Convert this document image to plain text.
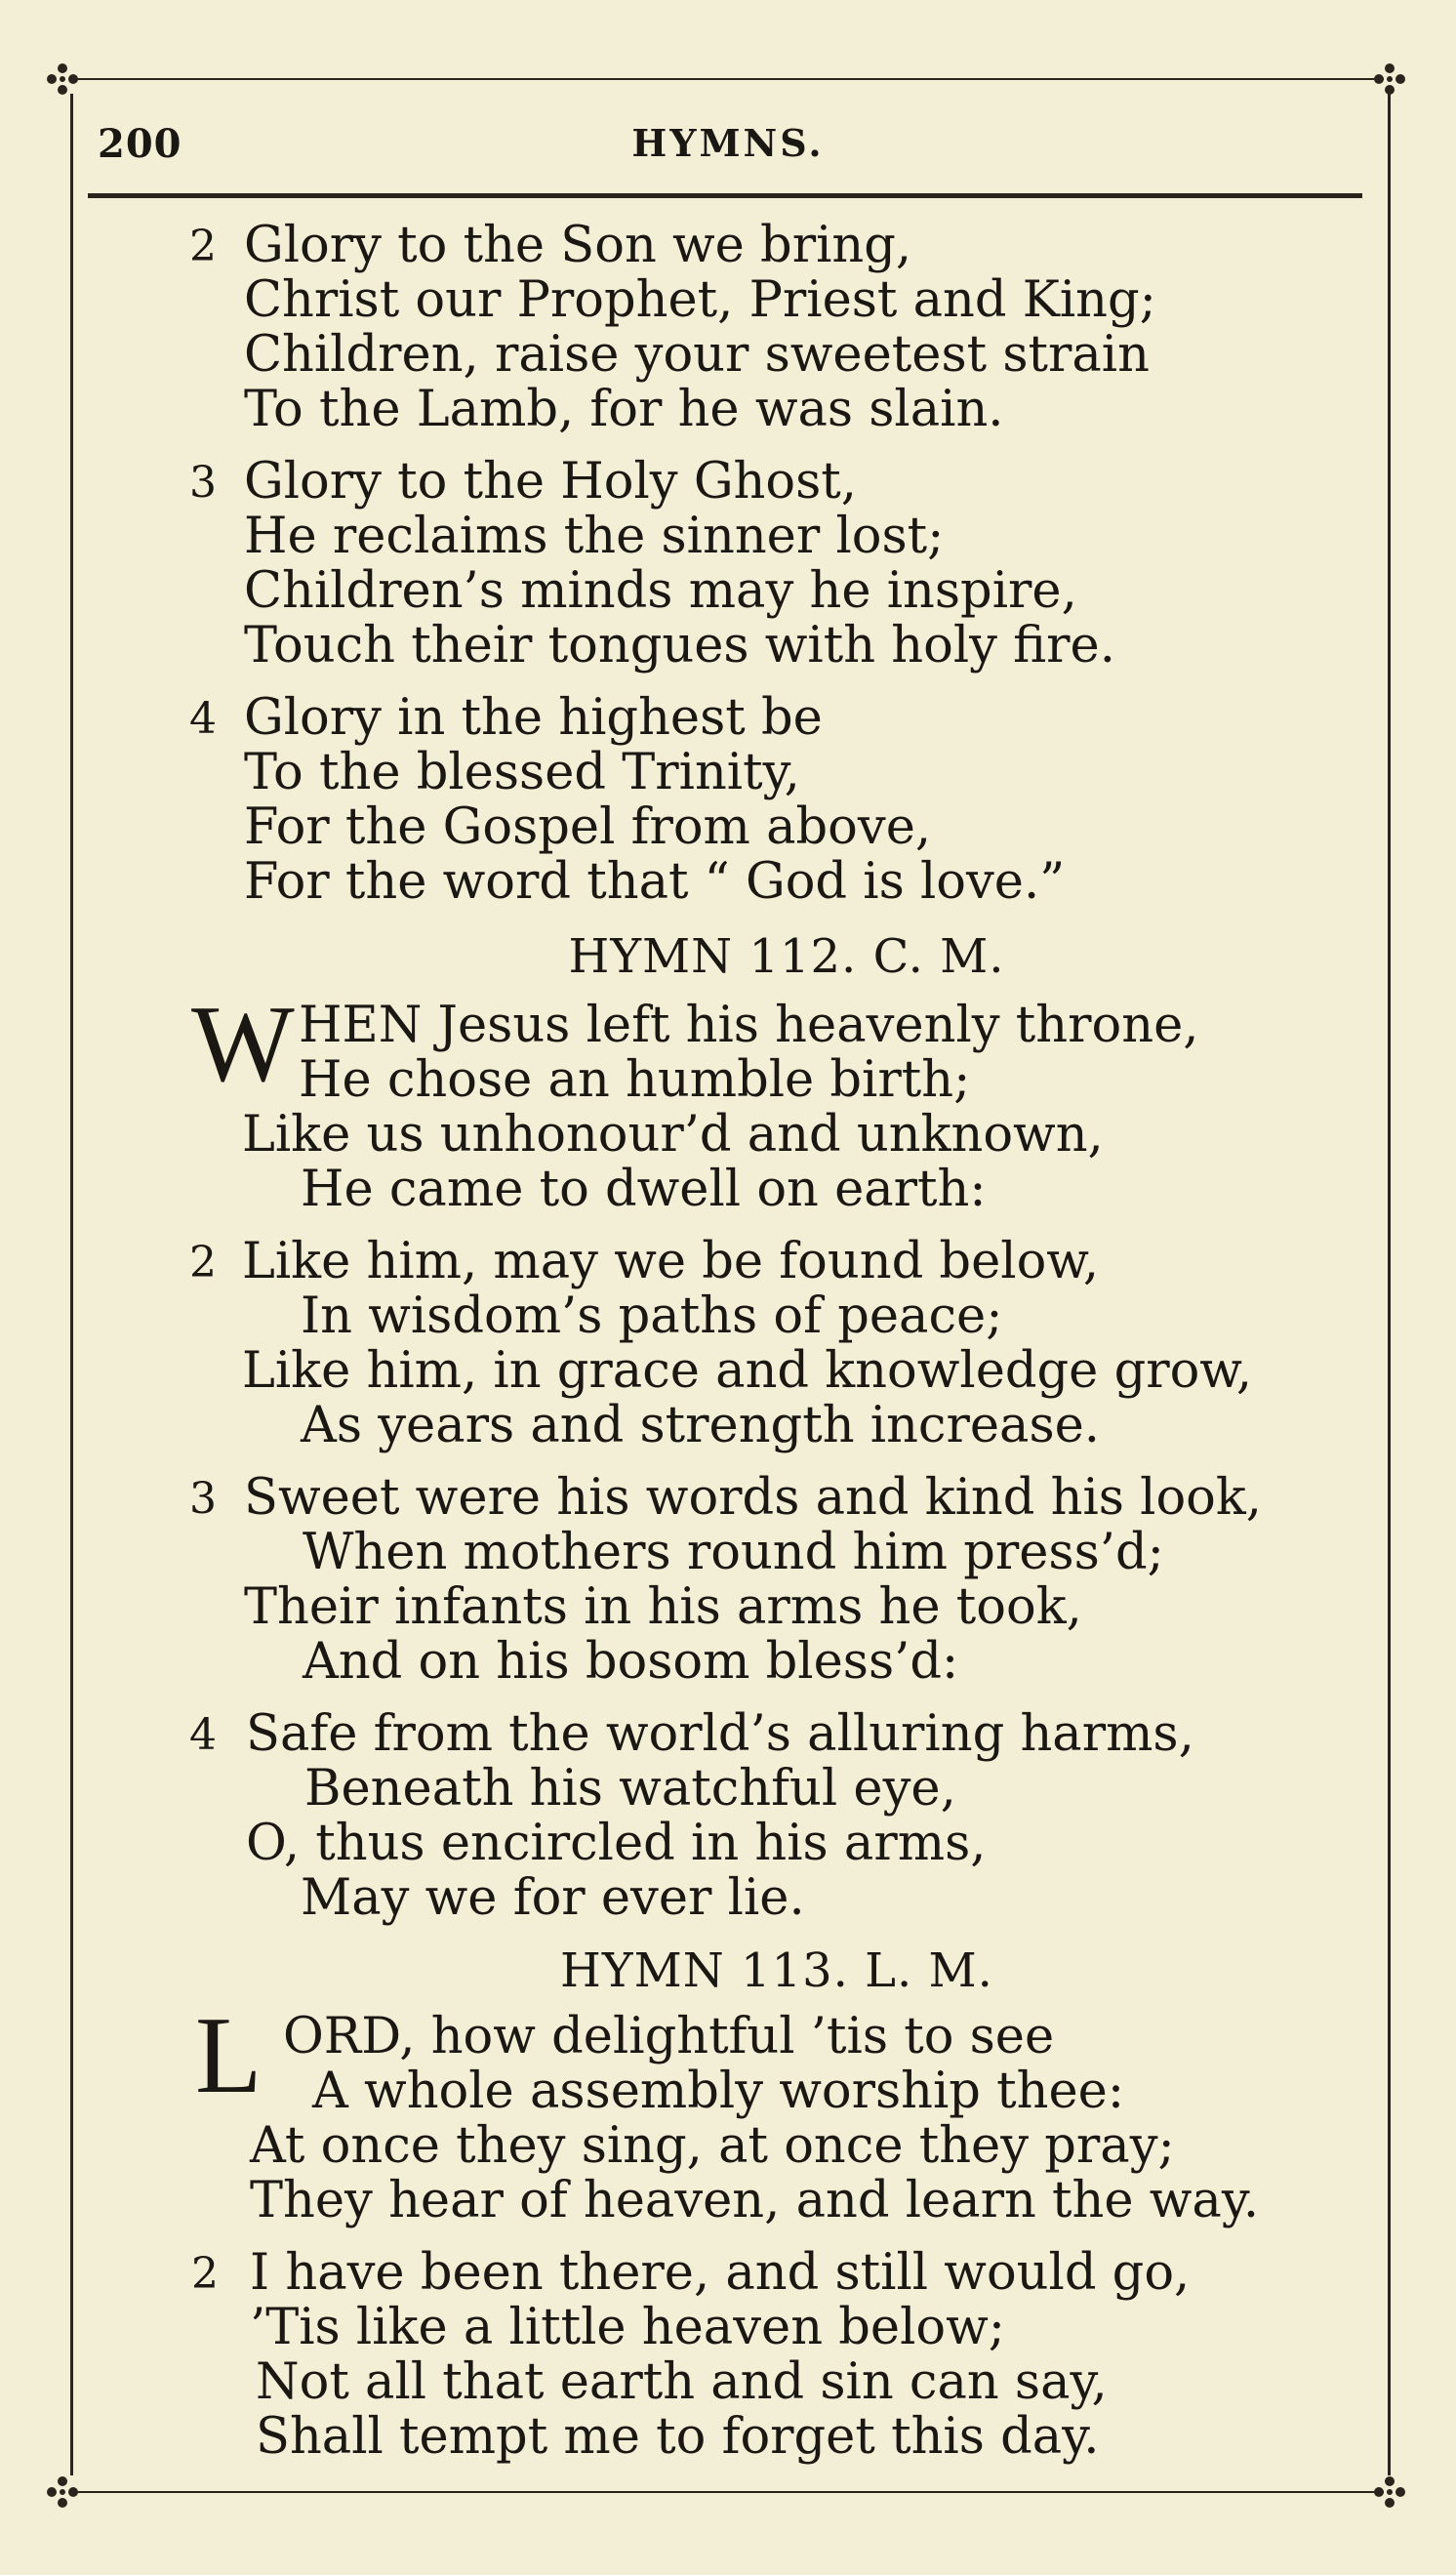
200	HYMNS.
2 Glory to the Son we bring,
Christ our Prophet, Priest and King;
Children, raise your sweetest strain
To the Lamb, for he was slain.
3 Glory to the Holy Ghost,
He reclaims the sinner lost;
Children’s minds may he inspire,
Touch their tongues with holy fire.
4 Glory in the highest be
To the blessed Trinity,
For the Gospel from above,
For the word that “ God is love.”
HYMN 112. C. M.
W HEN Jesus left his heavenly throne,
He chose an humble birth;
Like us unhonour’d and unknown,
He came to dwell on earth:
2 Like him, may we be found below,
In wisdom’s paths of peace;
Like him, in grace and knowledge grow,
As years and strength increase.
3 Sweet were his words and kind his look,
When mothers round him press’d;
Their infants in his arms he took,
And on his bosom bless’d:
4 Safe from the world’s alluring harms,
Beneath his watchful eye,
O, thus encircled in his arms,
May we for ever lie.
HYMN 113. L. M.
L ORD, how delightful ’tis to see
A whole assembly worship thee:
At once they sing, at once they pray;
They hear of heaven, and learn the way.
2 I have been there, and still would go,
’Tis like a little heaven below;
Not all that earth and sin can say,
Shall tempt me to forget this day.
